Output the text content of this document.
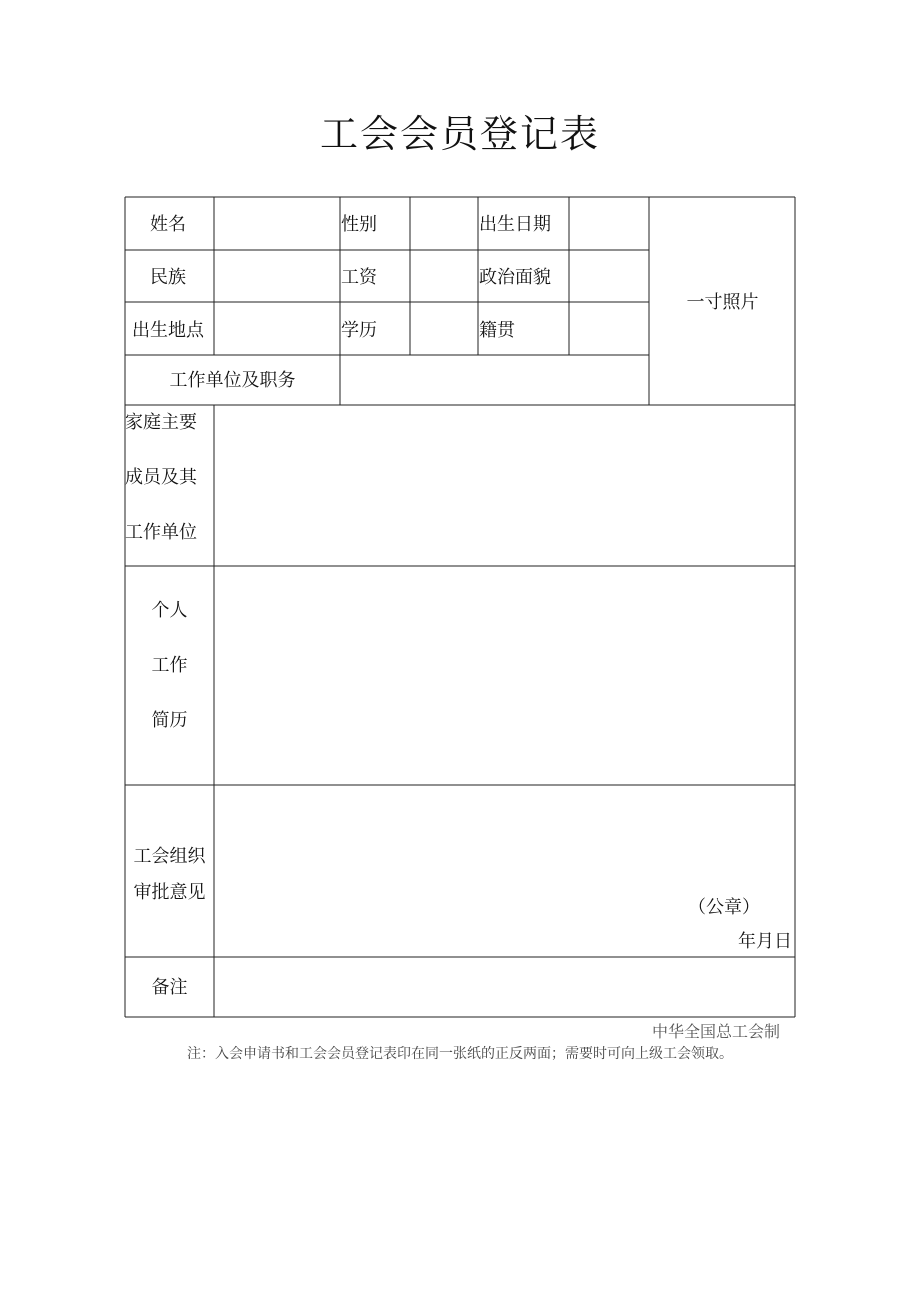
工会会员登记表
姓名	性别	出生日期
民族	工资	政治面貌
出生地点	学历	籍贯
一寸照片
工作单位及职务
家庭主要
成员及其
工作单位
个人
工作
简历
工会组织
审批意见
（公章）
年月日
备注
中华全国总工会制
注：入会申请书和工会会员登记表印在同一张纸的正反两面；需要时可向上级工会领取。
